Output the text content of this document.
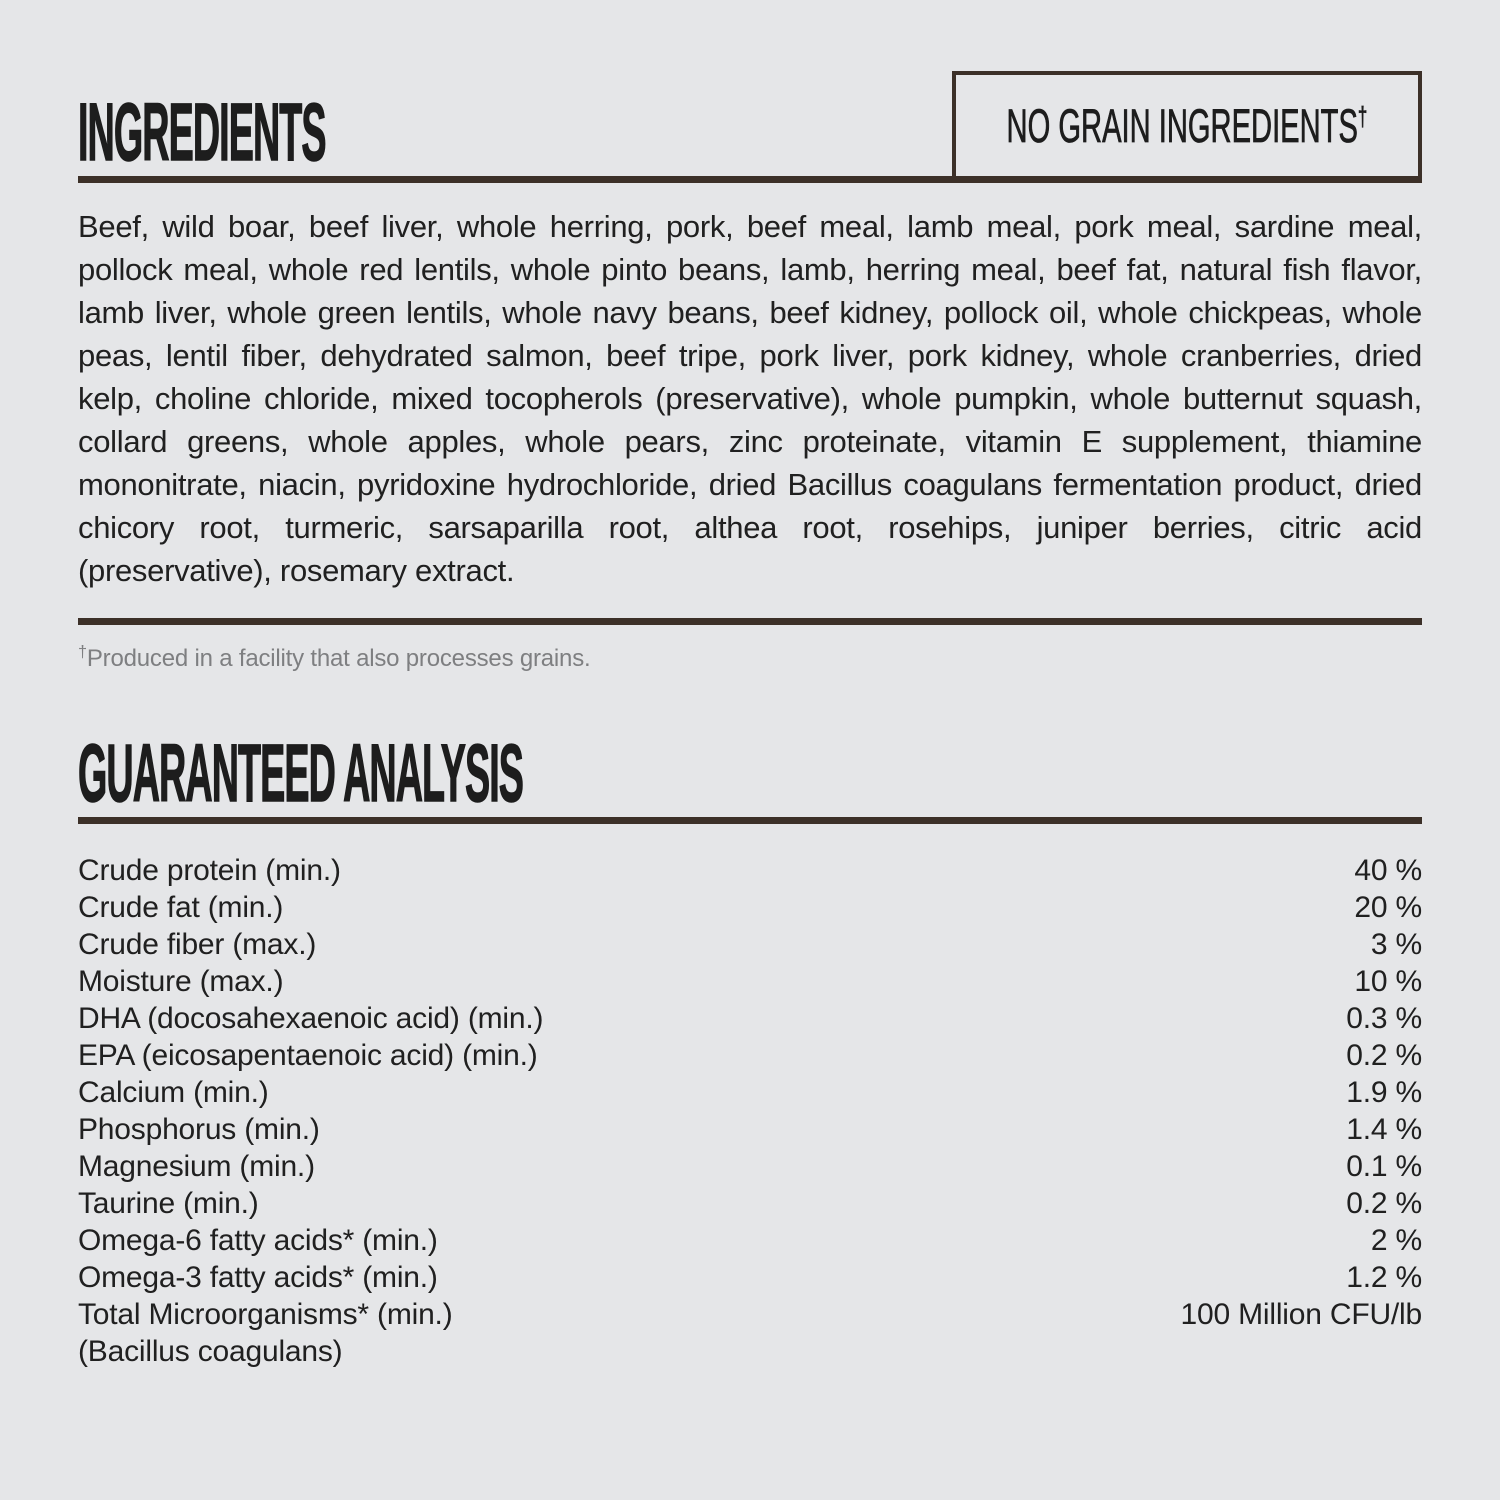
INGREDIENTS	NO GRAIN INGREDIENTS†

Beef, wild boar, beef liver, whole herring, pork, beef meal, lamb meal, pork meal, sardine meal, pollock meal, whole red lentils, whole pinto beans, lamb, herring meal, beef fat, natural fish flavor, lamb liver, whole green lentils, whole navy beans, beef kidney, pollock oil, whole chickpeas, whole peas, lentil fiber, dehydrated salmon, beef tripe, pork liver, pork kidney, whole cranberries, dried kelp, choline chloride, mixed tocopherols (preservative), whole pumpkin, whole butternut squash, collard greens, whole apples, whole pears, zinc proteinate, vitamin E supplement, thiamine mononitrate, niacin, pyridoxine hydrochloride, dried Bacillus coagulans fermentation product, dried chicory root, turmeric, sarsaparilla root, althea root, rosehips, juniper berries, citric acid (preservative), rosemary extract.

†Produced in a facility that also processes grains.

GUARANTEED ANALYSIS
Crude protein (min.)	40 %
Crude fat (min.)	20 %
Crude fiber (max.)	3 %
Moisture (max.)	10 %
DHA (docosahexaenoic acid) (min.)	0.3 %
EPA (eicosapentaenoic acid) (min.)	0.2 %
Calcium (min.)	1.9 %
Phosphorus (min.)	1.4 %
Magnesium (min.)	0.1 %
Taurine (min.)	0.2 %
Omega-6 fatty acids* (min.)	2 %
Omega-3 fatty acids* (min.)	1.2 %
Total Microorganisms* (min.)	100 Million CFU/lb
(Bacillus coagulans)
